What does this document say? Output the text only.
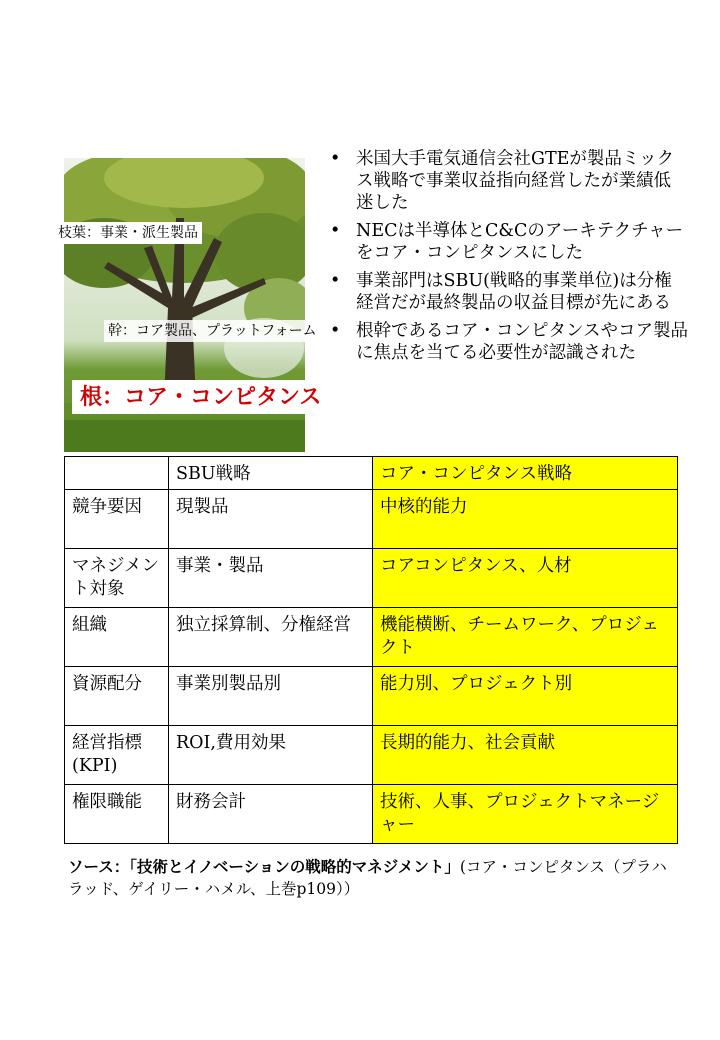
枝葉：事業・派生製品
幹：コア製品、プラットフォーム
根：コア・コンピタンス
• 米国大手電気通信会社GTEが製品ミックス戦略で事業収益指向経営したが業績低迷した
• NECは半導体とC&Cのアーキテクチャーをコア・コンピタンスにした
• 事業部門はSBU(戦略的事業単位)は分権経営だが最終製品の収益目標が先にある
• 根幹であるコア・コンピタンスやコア製品に焦点を当てる必要性が認識された
	SBU戦略	コア・コンピタンス戦略
競争要因	現製品	中核的能力
マネジメント対象	事業・製品	コアコンピタンス、人材
組織	独立採算制、分権経営	機能横断、チームワーク、プロジェクト
資源配分	事業別製品別	能力別、プロジェクト別
経営指標(KPI)	ROI,費用効果	長期的能力、社会貢献
権限職能	財務会計	技術、人事、プロジェクトマネージャー
ソース：「技術とイノベーションの戦略的マネジメント」(コア・コンピタンス（プラハラッド、ゲイリー・ハメル、上巻p109））
